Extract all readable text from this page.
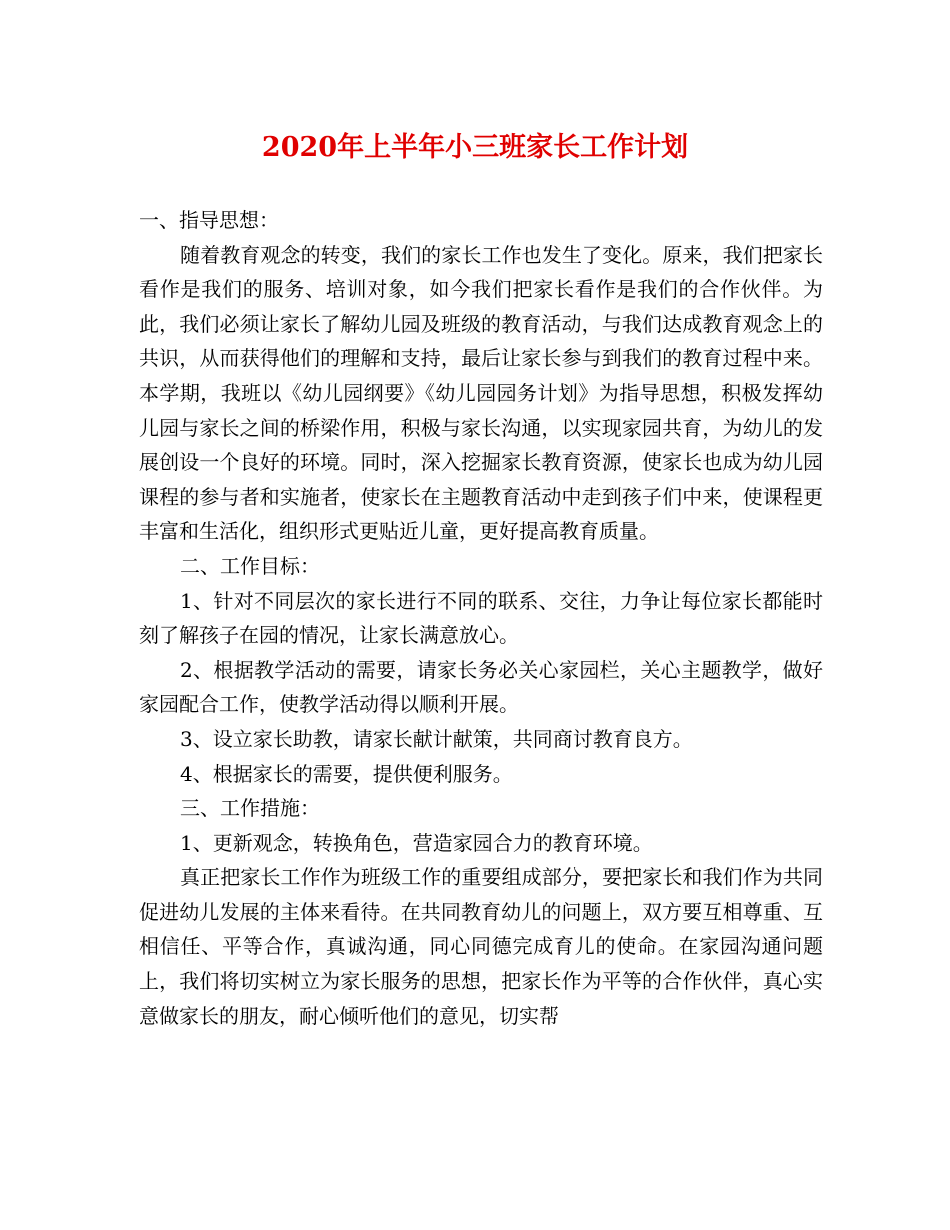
2020年上半年小三班家长工作计划

一、指导思想：

随着教育观念的转变，我们的家长工作也发生了变化。原来，我们把家长看作是我们的服务、培训对象，如今我们把家长看作是我们的合作伙伴。为此，我们必须让家长了解幼儿园及班级的教育活动，与我们达成教育观念上的共识，从而获得他们的理解和支持，最后让家长参与到我们的教育过程中来。本学期，我班以《幼儿园纲要》《幼儿园园务计划》为指导思想，积极发挥幼儿园与家长之间的桥梁作用，积极与家长沟通，以实现家园共育，为幼儿的发展创设一个良好的环境。同时，深入挖掘家长教育资源，使家长也成为幼儿园课程的参与者和实施者，使家长在主题教育活动中走到孩子们中来，使课程更丰富和生活化，组织形式更贴近儿童，更好提高教育质量。

二、工作目标：

1、针对不同层次的家长进行不同的联系、交往，力争让每位家长都能时刻了解孩子在园的情况，让家长满意放心。

2、根据教学活动的需要，请家长务必关心家园栏，关心主题教学，做好家园配合工作，使教学活动得以顺利开展。

3、设立家长助教，请家长献计献策，共同商讨教育良方。

4、根据家长的需要，提供便利服务。

三、工作措施：

1、更新观念，转换角色，营造家园合力的教育环境。

真正把家长工作作为班级工作的重要组成部分，要把家长和我们作为共同促进幼儿发展的主体来看待。在共同教育幼儿的问题上，双方要互相尊重、互相信任、平等合作，真诚沟通，同心同德完成育儿的使命。在家园沟通问题上，我们将切实树立为家长服务的思想，把家长作为平等的合作伙伴，真心实意做家长的朋友，耐心倾听他们的意见，切实帮
